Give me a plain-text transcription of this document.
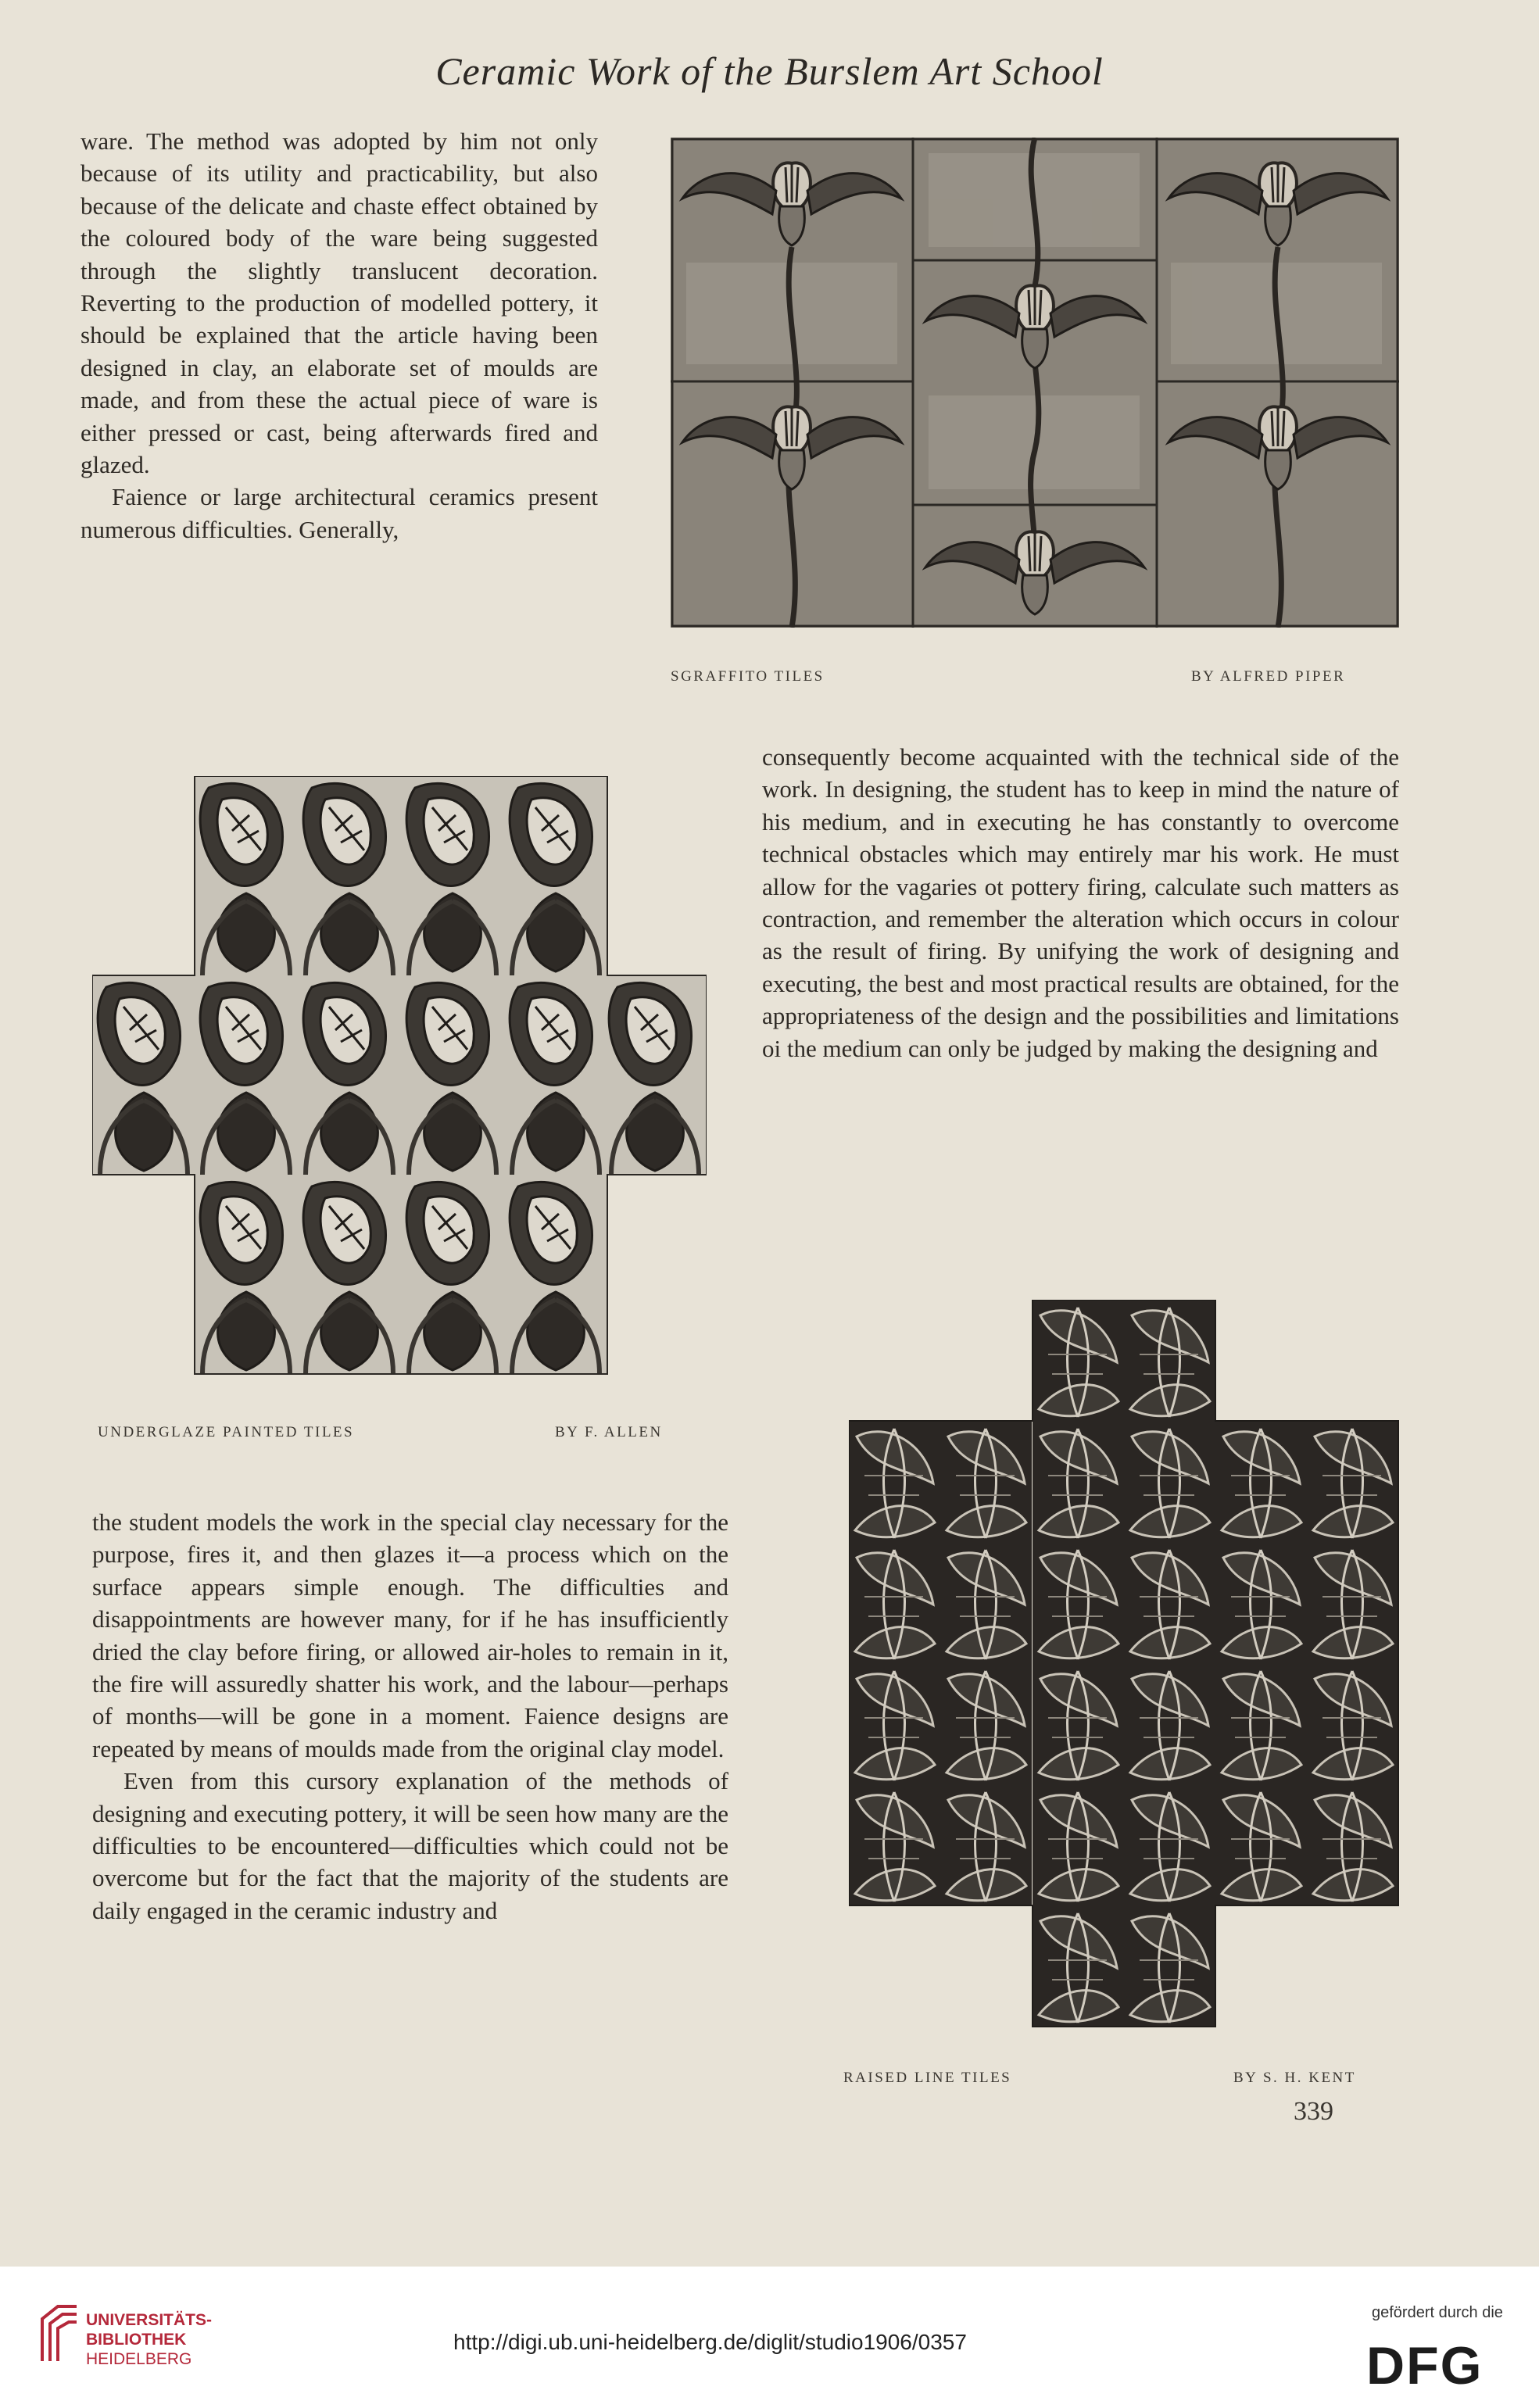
Ceramic Work of the Burslem Art School

ware. The method was adopted by him not only because of its utility and practicability, but also because of the delicate and chaste effect obtained by the coloured body of the ware being suggested through the slightly translucent decoration. Reverting to the production of modelled pottery, it should be explained that the article having been designed in clay, an elaborate set of moulds are made, and from these the actual piece of ware is either pressed or cast, being afterwards fired and glazed.

Faience or large architectural ceramics present numerous difficulties. Generally,

SGRAFFITO TILES	BY ALFRED PIPER
UNDERGLAZE PAINTED TILES	BY F. ALLEN

consequently become acquainted with the technical side of the work. In designing, the student has to keep in mind the nature of his medium, and in executing he has constantly to overcome technical obstacles which may entirely mar his work. He must allow for the vagaries ot pottery firing, calculate such matters as contraction, and remember the alteration which occurs in colour as the result of firing. By unifying the work of designing and executing, the best and most practical results are obtained, for the appropriateness of the design and the possibilities and limitations oi the medium can only be judged by making the designing and

the student models the work in the special clay necessary for the purpose, fires it, and then glazes it—a process which on the surface appears simple enough. The difficulties and disappointments are however many, for if he has insufficiently dried the clay before firing, or allowed air-holes to remain in it, the fire will assuredly shatter his work, and the labour—perhaps of months—will be gone in a moment. Faience designs are repeated by means of moulds made from the original clay model.

Even from this cursory explanation of the methods of designing and executing pottery, it will be seen how many are the difficulties to be encountered—difficulties which could not be overcome but for the fact that the majority of the students are daily engaged in the ceramic industry and

RAISED LINE TILES	BY S. H. KENT
339
UNIVERSITÄTS-
BIBLIOTHEK
HEIDELBERG
http://digi.ub.uni-heidelberg.de/diglit/studio1906/0357
gefördert durch die
DFG
